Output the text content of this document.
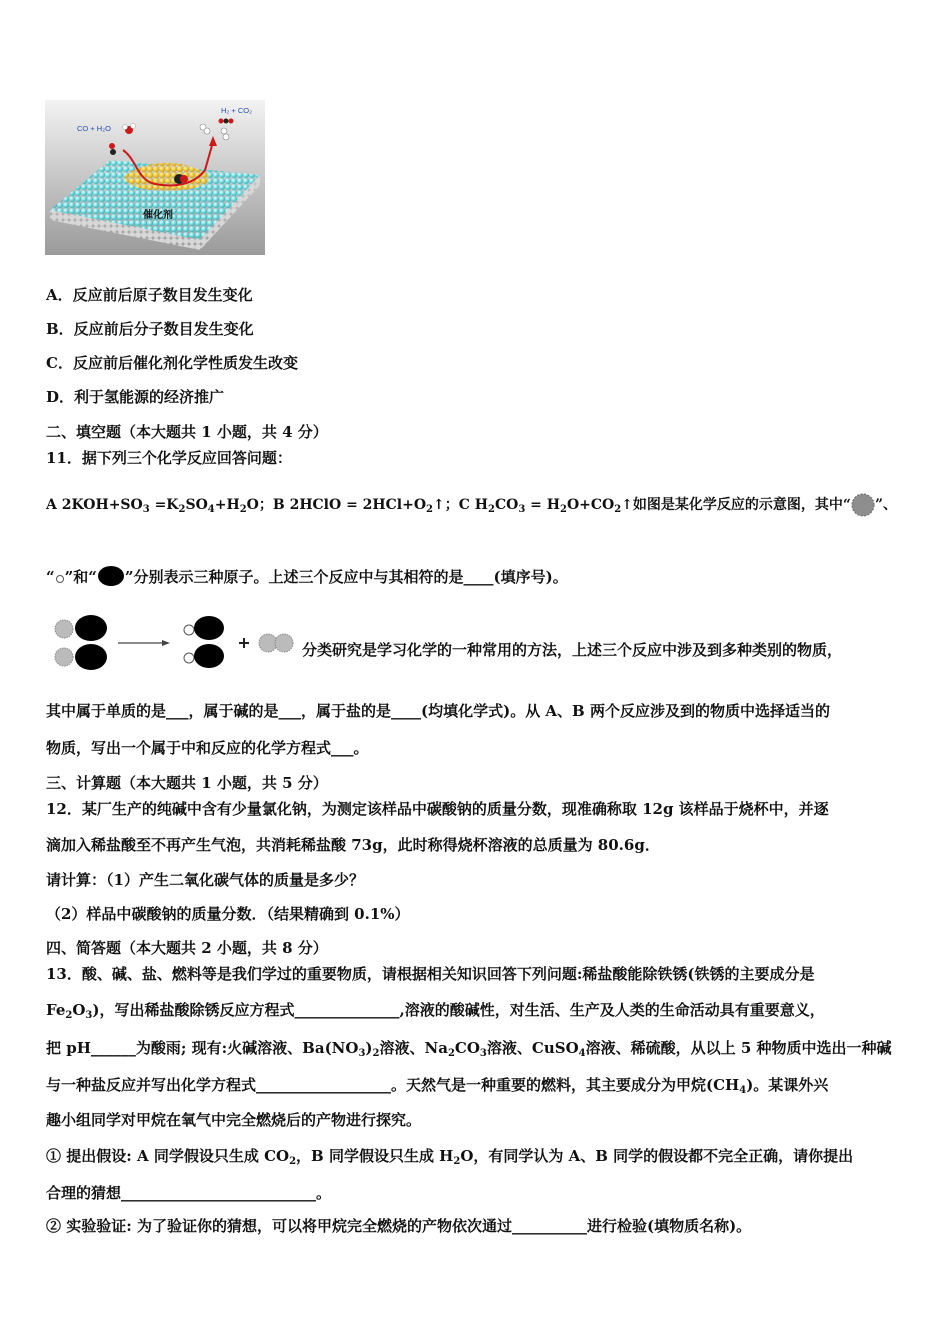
CO + H₂O
H₂ + CO₂
催化剂
A．反应前后原子数目发生变化
B．反应前后分子数目发生变化
C．反应前后催化剂化学性质发生改变
D．利于氢能源的经济推广
二、填空题（本大题共 1 小题，共 4 分）
11．据下列三个化学反应回答问题：
A $2KOH+SO_3 =K_2SO_4+H_2O$；B 2HClO = $2HCl+O_2↑$；C $H_2CO_3$ = $H_2O+CO_2↑$如图是某化学反应的示意图，其中“ ”、
“ ”和“ ”分别表示三种原子。上述三个反应中与其相符的是____(填序号)。
分类研究是学习化学的一种常用的方法，上述三个反应中涉及到多种类别的物质，
其中属于单质的是___，属于碱的是___，属于盐的是____(均填化学式)。从 A、B 两个反应涉及到的物质中选择适当的
物质，写出一个属于中和反应的化学方程式___。
三、计算题（本大题共 1 小题，共 5 分）
12．某厂生产的纯碱中含有少量氯化钠，为测定该样品中碳酸钠的质量分数，现准确称取 12g 该样品于烧杯中，并逐
滴加入稀盐酸至不再产生气泡，共消耗稀盐酸 73g，此时称得烧杯溶液的总质量为 80.6g．
请计算：（1）产生二氧化碳气体的质量是多少？
（2）样品中碳酸钠的质量分数．（结果精确到 0.1%）
四、简答题（本大题共 2 小题，共 8 分）
13．酸、碱、盐、燃料等是我们学过的重要物质，请根据相关知识回答下列问题:稀盐酸能除铁锈(铁锈的主要成分是
$Fe_2O_3$)，写出稀盐酸除锈反应方程式______________,溶液的酸碱性，对生活、生产及人类的生命活动具有重要意义，
把 pH______为酸雨; 现有:火碱溶液、$Ba(NO_3)_2$溶液、$Na_2CO_3$溶液、CuSO$_4$溶液、稀硫酸，从以上 5 种物质中选出一种碱
与一种盐反应并写出化学方程式__________________。天然气是一种重要的燃料，其主要成分为甲烷$(CH_4)$。某课外兴
趣小组同学对甲烷在氧气中完全燃烧后的产物进行探究。
① 提出假设: A 同学假设只生成 $CO_2$，B 同学假设只生成 $H_2O$，有同学认为 A、B 同学的假设都不完全正确，请你提出
合理的猜想__________________________。
② 实验验证: 为了验证你的猜想，可以将甲烷完全燃烧的产物依次通过__________进行检验(填物质名称)。
